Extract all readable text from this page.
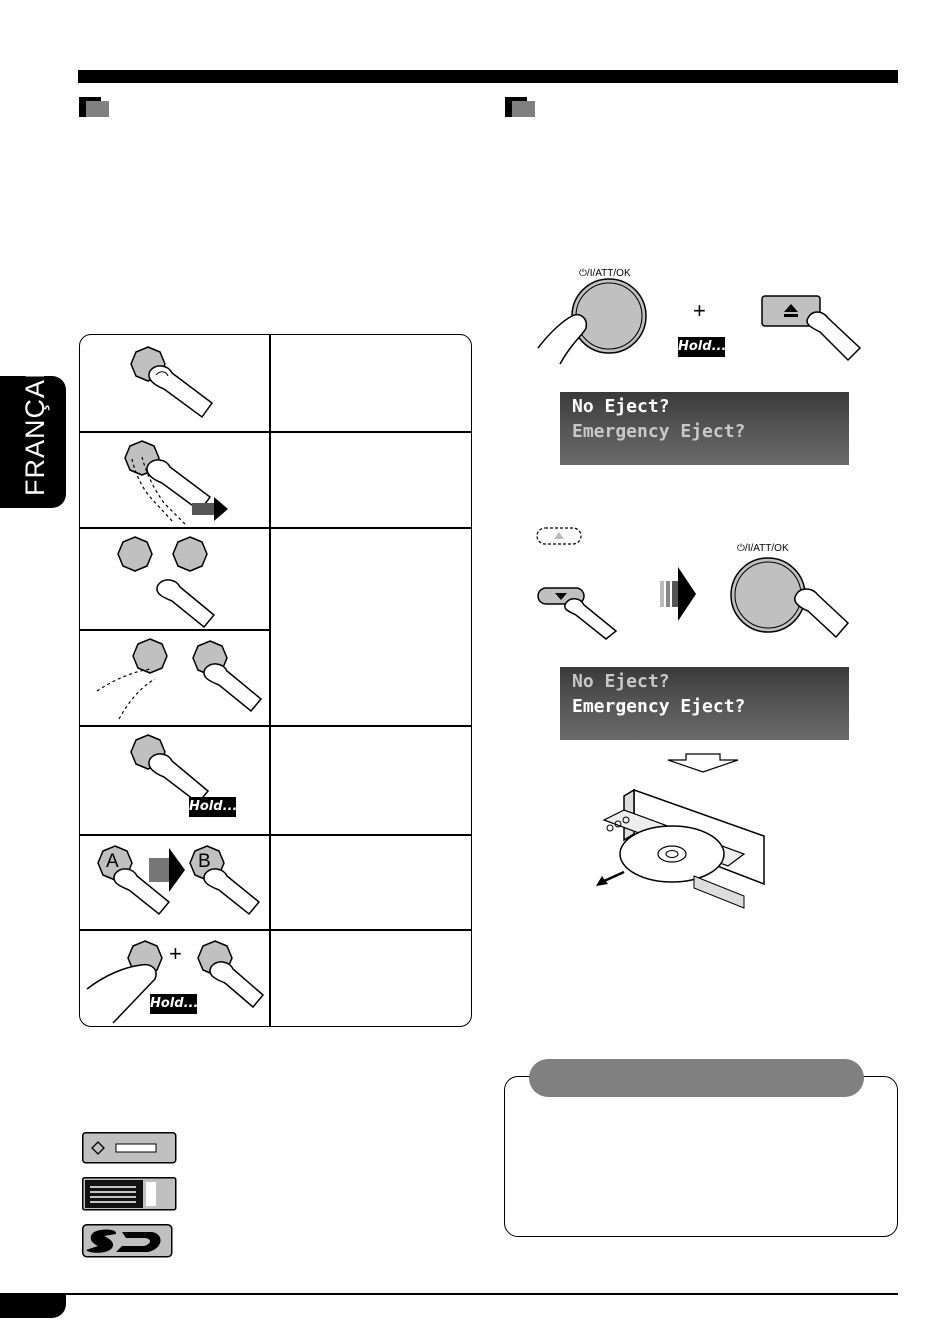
FRANÇAIS
Hold....
A	B
+
Hold....
⏻/I/ATT/OK
+
Hold....
No Eject?
Emergency Eject?
⏻/I/ATT/OK
No Eject?
Emergency Eject?
